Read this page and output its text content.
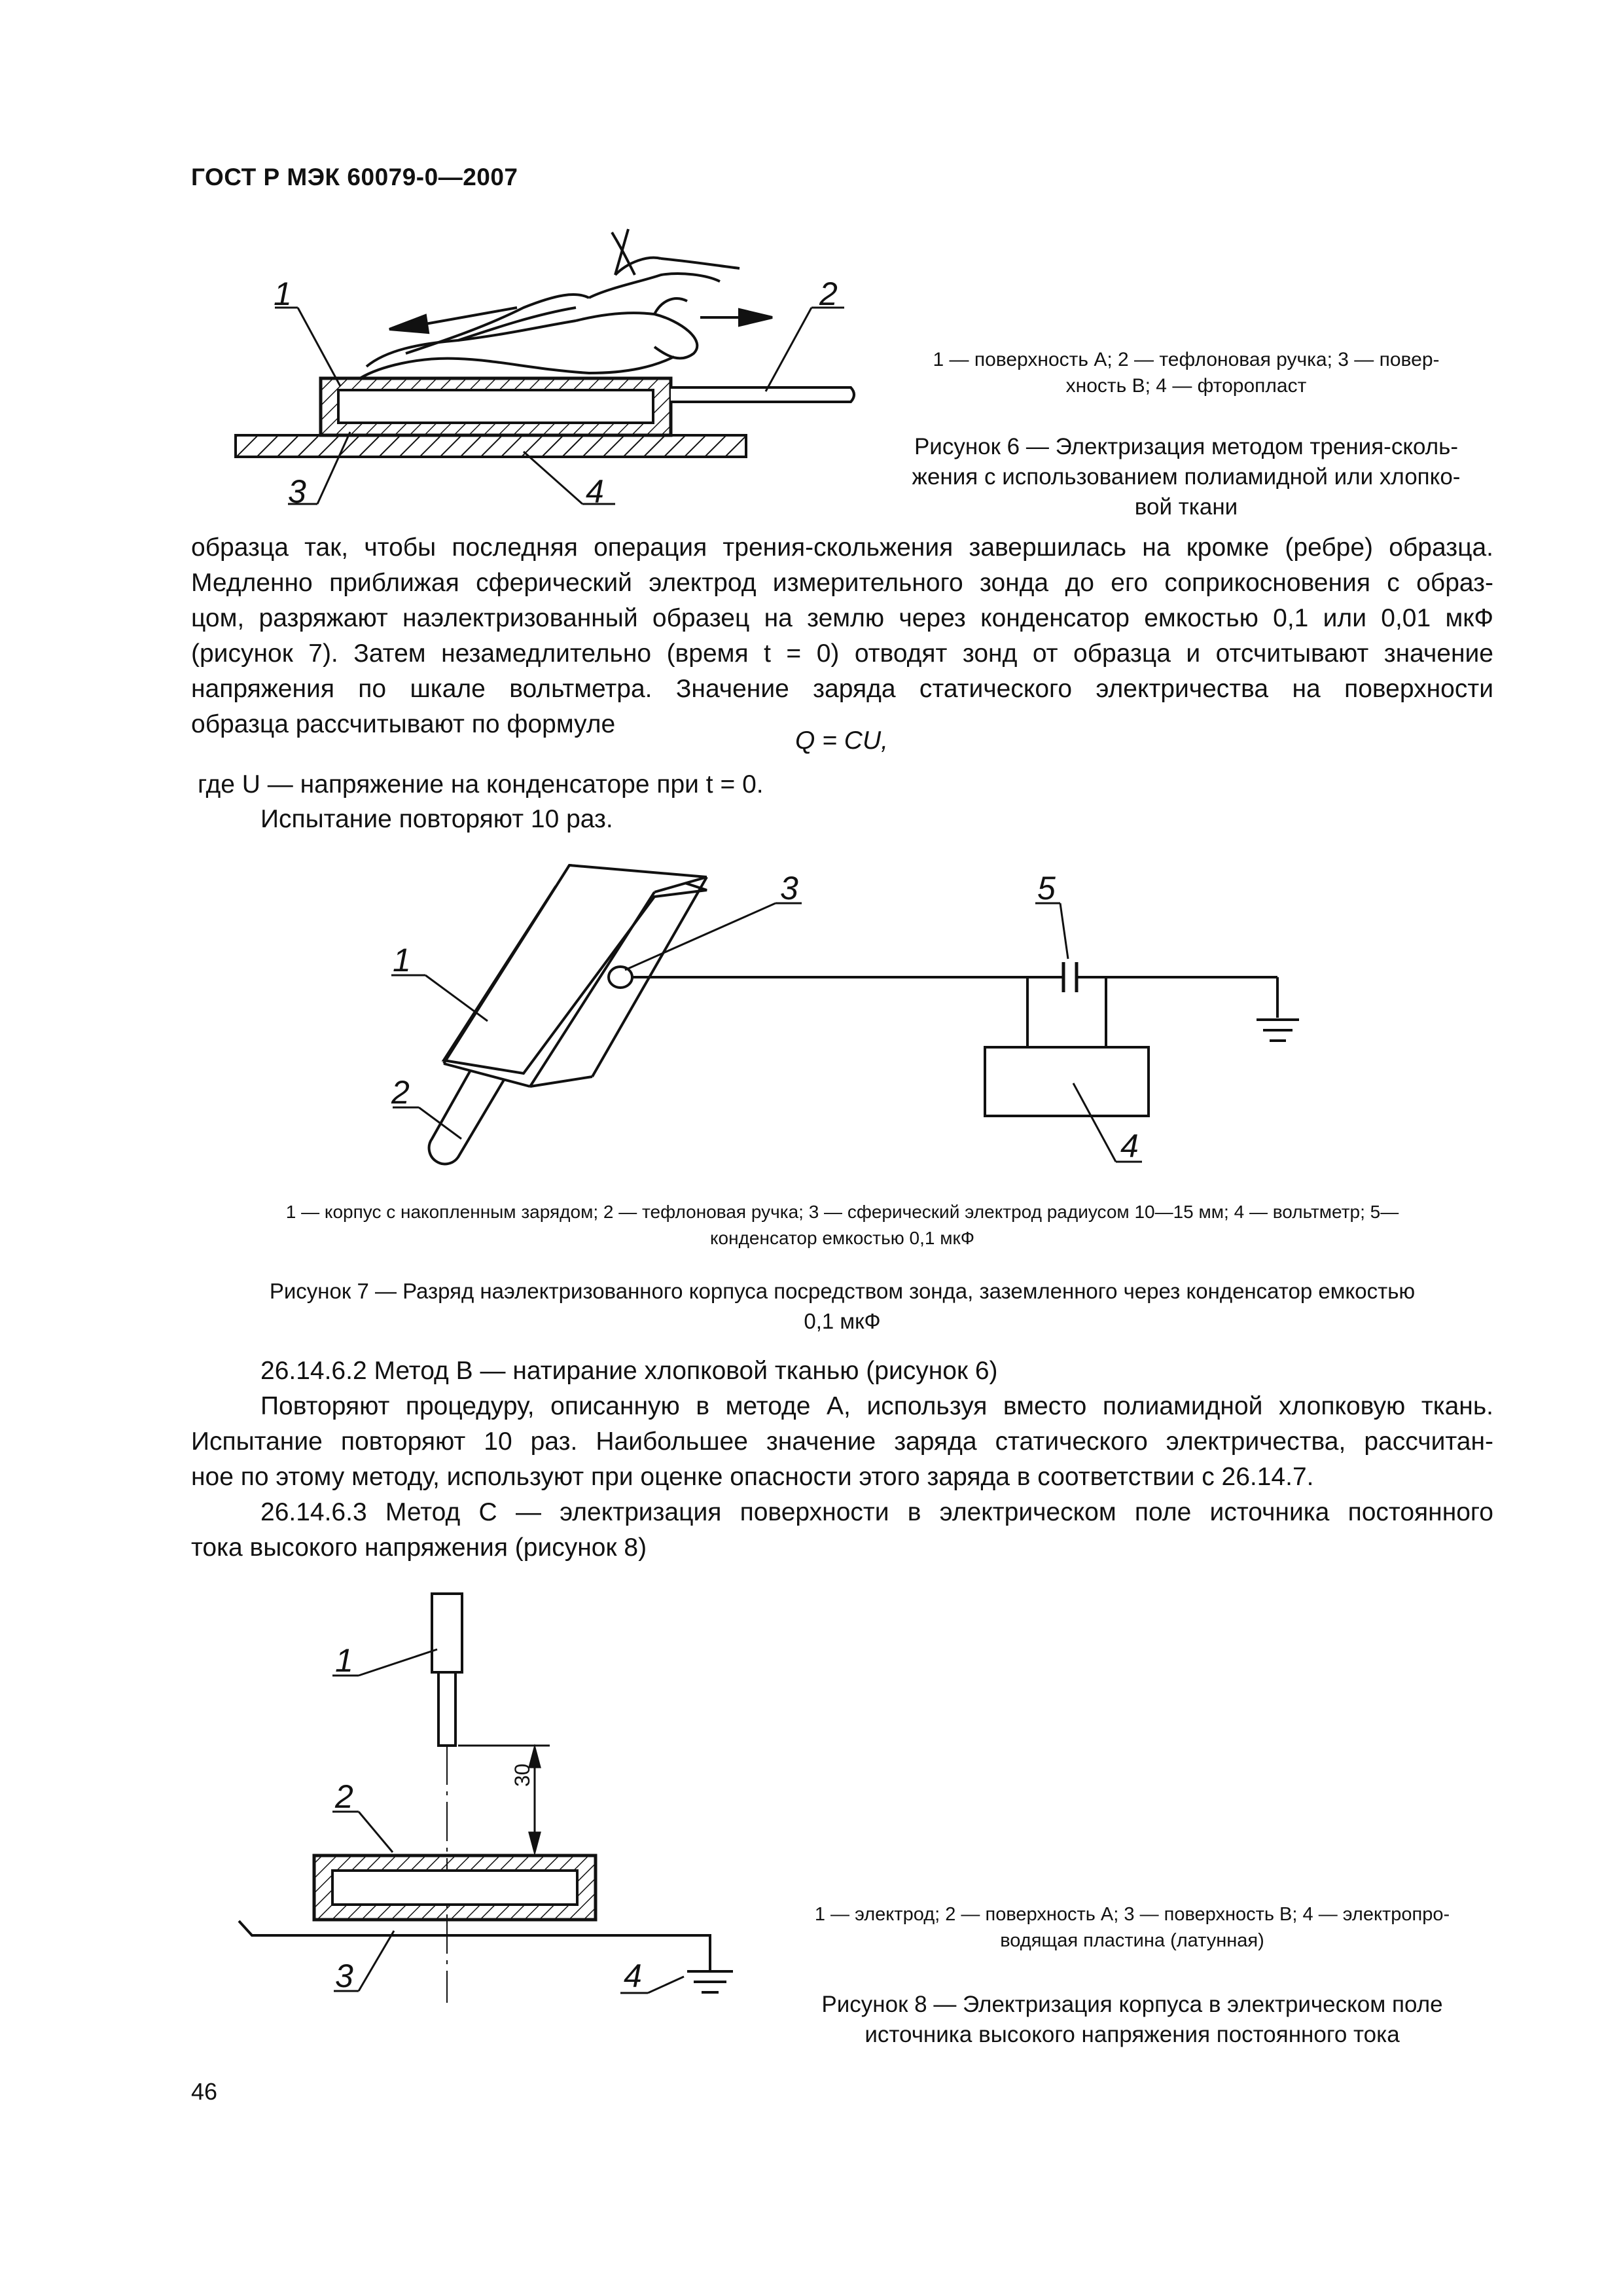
ГОСТ Р МЭК 60079-0—2007
1	2
3	4
1 — поверхность А; 2 — тефлоновая ручка; 3 — повер-
хность В; 4 — фторопласт
Рисунок 6 — Электризация методом трения-сколь-
жения с использованием полиамидной или хлопко-
вой ткани
образца так, чтобы последняя операция трения-скольжения завершилась на кромке (ребре) образца.
Медленно приближая сферический электрод измерительного зонда до его соприкосновения с образ-
цом, разряжают наэлектризованный образец на землю через конденсатор емкостью 0,1 или 0,01 мкФ
(рисунок 7). Затем незамедлительно (время t = 0) отводят зонд от образца и отсчитывают значение
напряжения по шкале вольтметра. Значение заряда статического электричества на поверхности
образца рассчитывают по формуле
Q = CU,
где U — напряжение на конденсаторе при t = 0.
Испытание повторяют 10 раз.
1
2
3
4
5
1 — корпус с накопленным зарядом; 2 — тефлоновая ручка; 3 — сферический электрод радиусом 10—15 мм; 4 — вольтметр; 5—
конденсатор емкостью 0,1 мкФ
Рисунок 7 — Разряд наэлектризованного корпуса посредством зонда, заземленного через конденсатор емкостью
0,1 мкФ
26.14.6.2 Метод В — натирание хлопковой тканью (рисунок 6)
Повторяют процедуру, описанную в методе А, используя вместо полиамидной хлопковую ткань.
Испытание повторяют 10 раз. Наибольшее значение заряда статического электричества, рассчитан-
ное по этому методу, используют при оценке опасности этого заряда в соответствии с 26.14.7.
26.14.6.3 Метод С — электризация поверхности в электрическом поле источника постоянного
тока высокого напряжения (рисунок 8)
1
2
3	4
30
1 — электрод; 2 — поверхность А; 3 — поверхность В; 4 — электропро-
водящая пластина (латунная)
Рисунок 8 — Электризация корпуса в электрическом поле
источника высокого напряжения постоянного тока
46
